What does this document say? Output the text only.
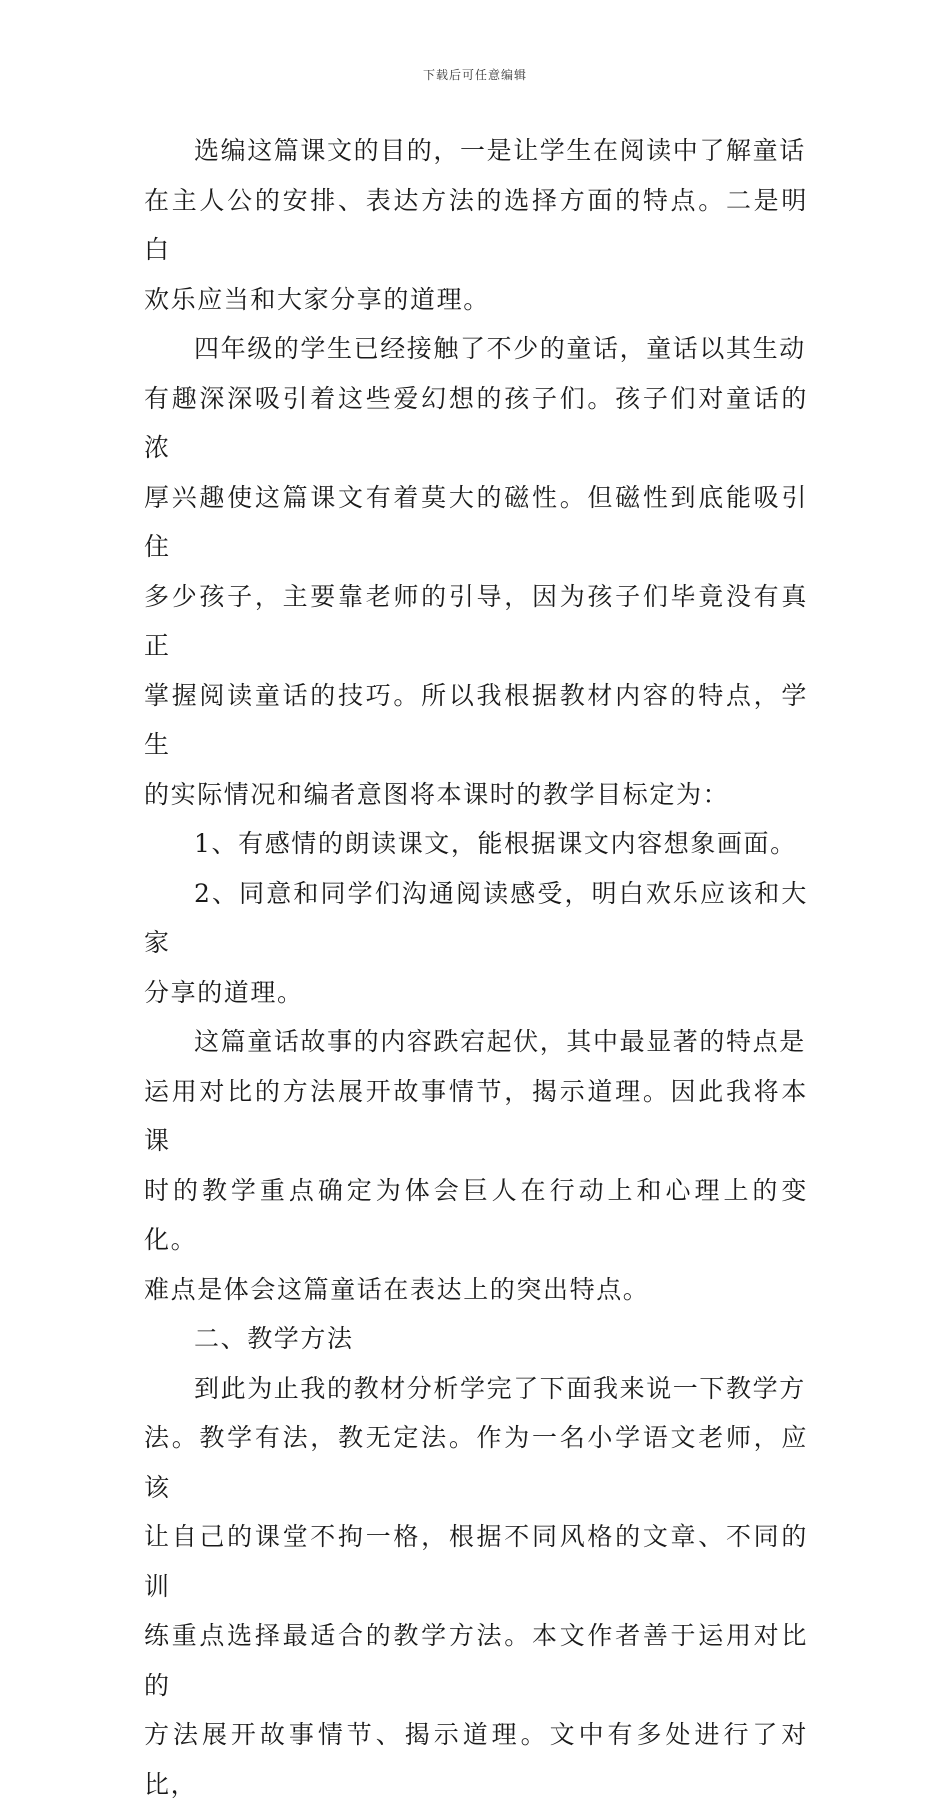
下载后可任意编辑

选编这篇课文的目的，一是让学生在阅读中了解童话
在主人公的安排、表达方法的选择方面的特点。二是明白
欢乐应当和大家分享的道理。

四年级的学生已经接触了不少的童话，童话以其生动
有趣深深吸引着这些爱幻想的孩子们。孩子们对童话的浓
厚兴趣使这篇课文有着莫大的磁性。但磁性到底能吸引住
多少孩子，主要靠老师的引导，因为孩子们毕竟没有真正
掌握阅读童话的技巧。所以我根据教材内容的特点，学生
的实际情况和编者意图将本课时的教学目标定为：

1、有感情的朗读课文，能根据课文内容想象画面。

2、同意和同学们沟通阅读感受，明白欢乐应该和大家
分享的道理。

这篇童话故事的内容跌宕起伏，其中最显著的特点是
运用对比的方法展开故事情节，揭示道理。因此我将本课
时的教学重点确定为体会巨人在行动上和心理上的变化。
难点是体会这篇童话在表达上的突出特点。

二、教学方法

到此为止我的教材分析学完了下面我来说一下教学方
法。教学有法，教无定法。作为一名小学语文老师，应该
让自己的课堂不拘一格，根据不同风格的文章、不同的训
练重点选择最适合的教学方法。本文作者善于运用对比的
方法展开故事情节、揭示道理。文中有多处进行了对比，
